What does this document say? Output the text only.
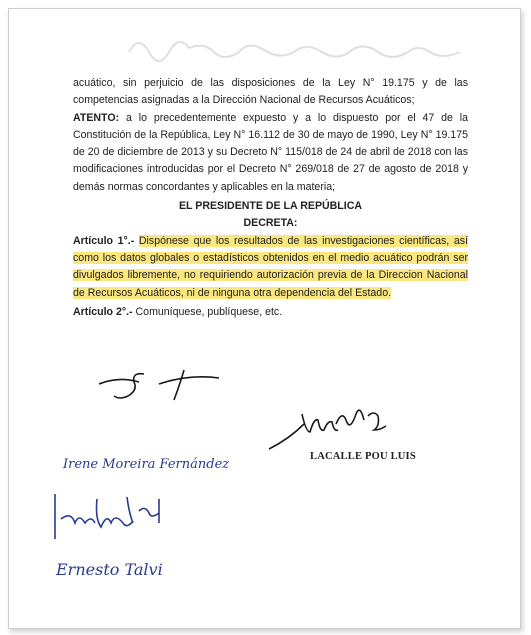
acuático, sin perjuicio de las disposiciones de la Ley N° 19.175 y de las competencias asignadas a la Dirección Nacional de Recursos Acuáticos;

ATENTO: a lo precedentemente expuesto y a lo dispuesto por el 47 de la Constitución de la República, Ley N° 16.112 de 30 de mayo de 1990, Ley N° 19.175 de 20 de diciembre de 2013 y su Decreto N° 115/018 de 24 de abril de 2018 con las modificaciones introducidas por el Decreto N° 269/018 de 27 de agosto de 2018 y demás normas concordantes y aplicables en la materia;

EL PRESIDENTE DE LA REPÚBLICA

DECRETA:

Artículo 1°.- Dispónese que los resultados de las investigaciones científicas, así como los datos globales o estadísticos obtenidos en el medio acuático podrán ser divulgados libremente, no requiriendo autorización previa de la Direccion Nacional de Recursos Acuáticos, ni de ninguna otra dependencia del Estado.

Artículo 2°.- Comuníquese, publíquese, etc.

LACALLE POU LUIS
Irene Moreira Fernández
Ernesto Talvi
